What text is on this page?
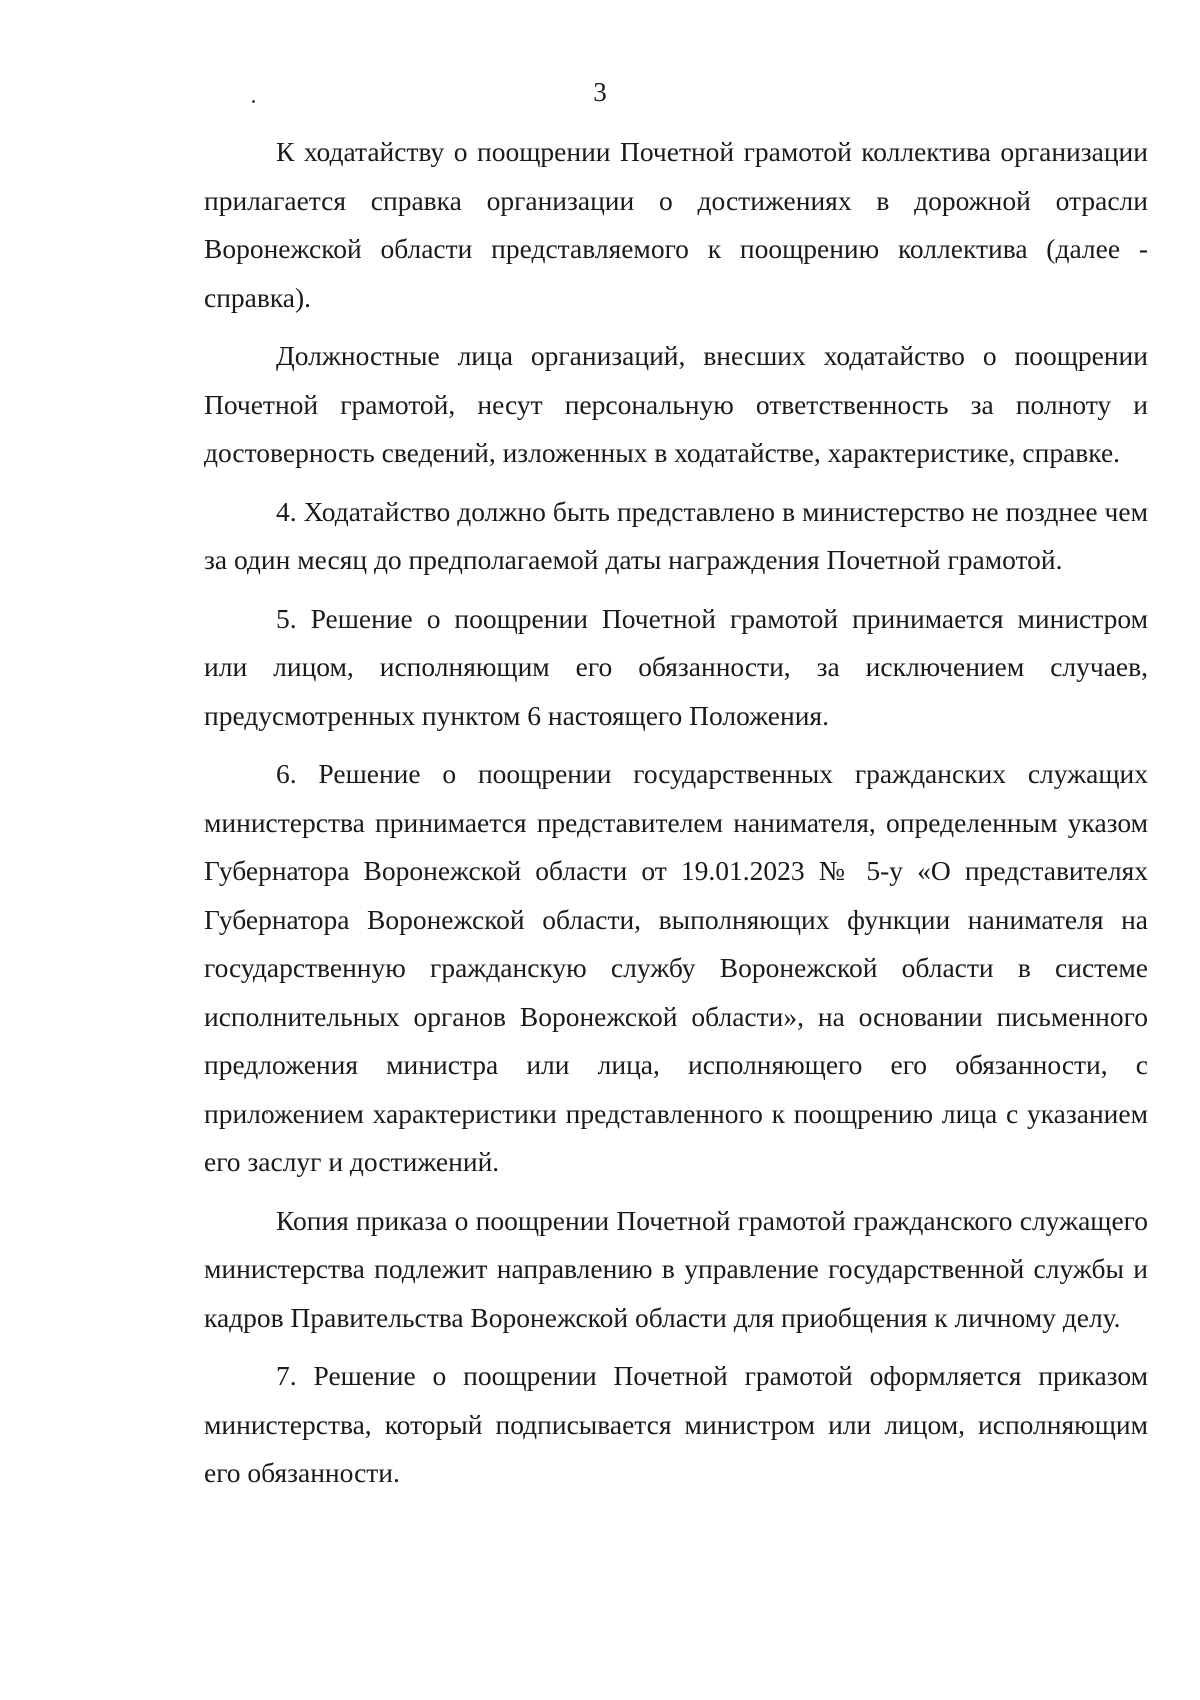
3

К ходатайству о поощрении Почетной грамотой коллектива организации прилагается справка организации о достижениях в дорожной отрасли Воронежской области представляемого к поощрению коллектива (далее - справка).

Должностные лица организаций, внесших ходатайство о поощрении Почетной грамотой, несут персональную ответственность за полноту и достоверность сведений, изложенных в ходатайстве, характеристике, справке.

4. Ходатайство должно быть представлено в министерство не позднее чем за один месяц до предполагаемой даты награждения Почетной грамотой.

5. Решение о поощрении Почетной грамотой принимается министром или лицом, исполняющим его обязанности, за исключением случаев, предусмотренных пунктом 6 настоящего Положения.

6. Решение о поощрении государственных гражданских служащих министерства принимается представителем нанимателя, определенным указом Губернатора Воронежской области от 19.01.2023 № 5-у «О представителях Губернатора Воронежской области, выполняющих функции нанимателя на государственную гражданскую службу Воронежской области в системе исполнительных органов Воронежской области», на основании письменного предложения министра или лица, исполняющего его обязанности, с приложением характеристики представленного к поощрению лица с указанием его заслуг и достижений.

Копия приказа о поощрении Почетной грамотой гражданского служащего министерства подлежит направлению в управление государственной службы и кадров Правительства Воронежской области для приобщения к личному делу.

7. Решение о поощрении Почетной грамотой оформляется приказом министерства, который подписывается министром или лицом, исполняющим его обязанности.
